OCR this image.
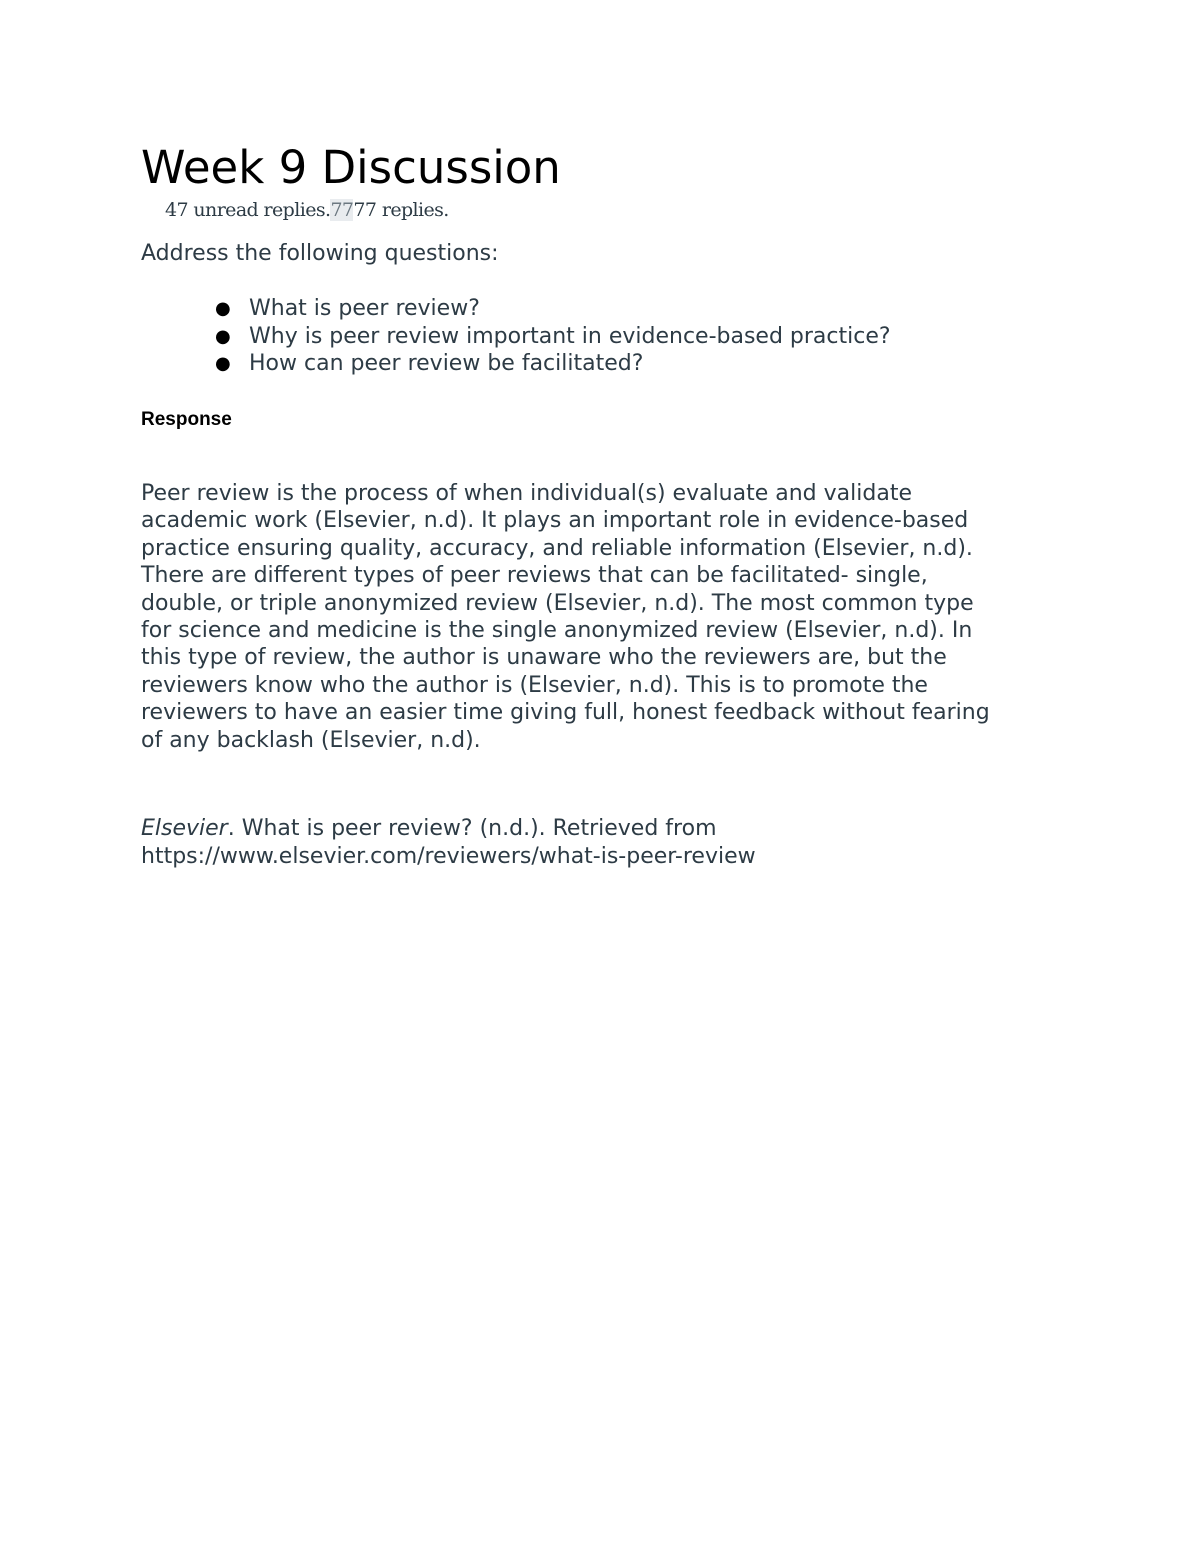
Week 9 Discussion
47 unread replies.7777 replies.
Address the following questions:
● What is peer review?
● Why is peer review important in evidence-based practice?
● How can peer review be facilitated?
Response
Peer review is the process of when individual(s) evaluate and validate
academic work (Elsevier, n.d). It plays an important role in evidence-based
practice ensuring quality, accuracy, and reliable information (Elsevier, n.d).
There are different types of peer reviews that can be facilitated- single,
double, or triple anonymized review (Elsevier, n.d). The most common type
for science and medicine is the single anonymized review (Elsevier, n.d). In
this type of review, the author is unaware who the reviewers are, but the
reviewers know who the author is (Elsevier, n.d). This is to promote the
reviewers to have an easier time giving full, honest feedback without fearing
of any backlash (Elsevier, n.d).
Elsevier. What is peer review? (n.d.). Retrieved from
https://www.elsevier.com/reviewers/what-is-peer-review
